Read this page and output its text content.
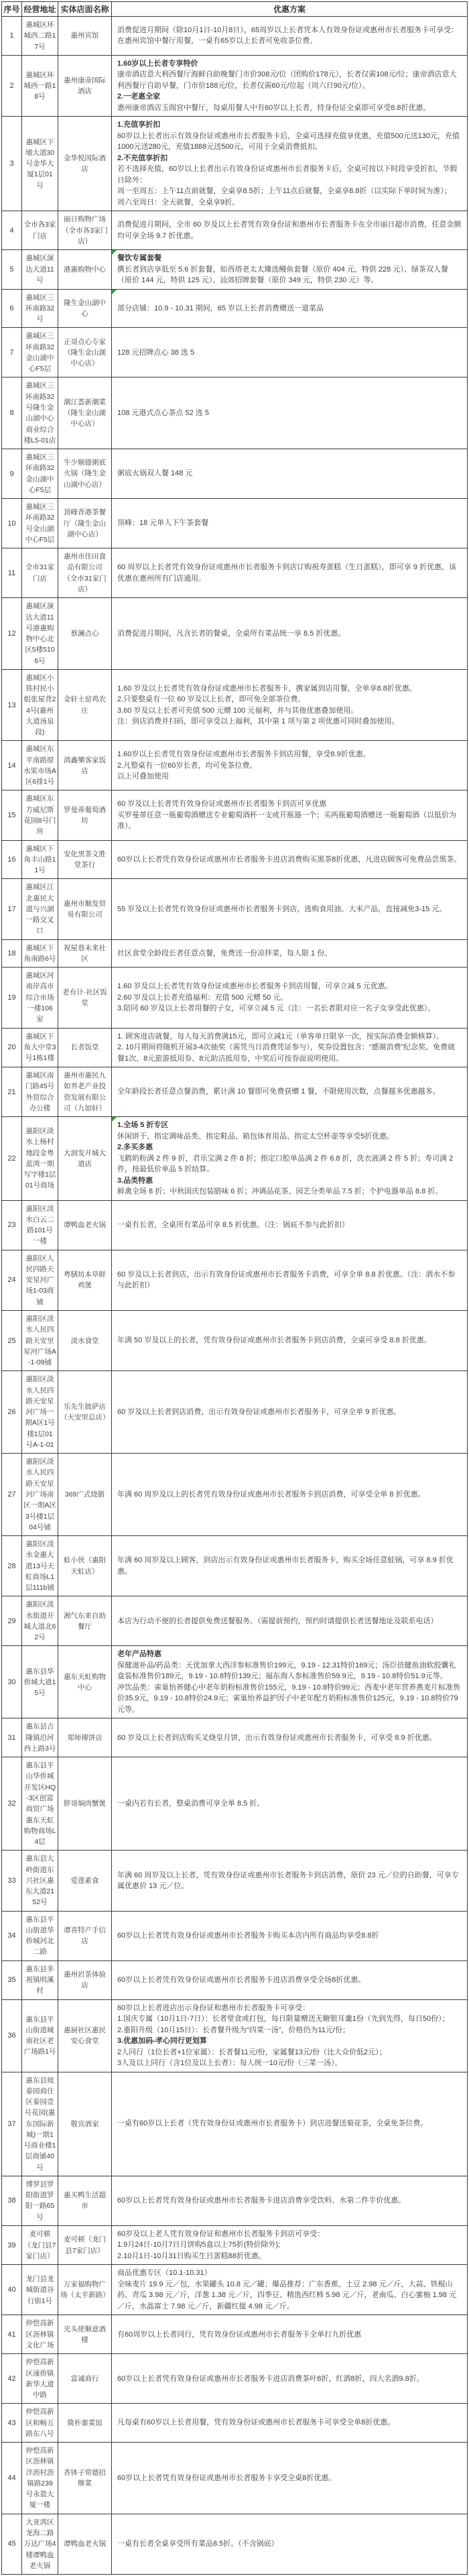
序号	经营地址	实体店面名称	优惠方案
1	惠城区环城西二路17号	惠州宾馆	消费促进月期间（除10月1日-10月8日），65周岁以上长者凭本人有效身份证或惠州市长者服务卡可享受：在惠州宾馆中餐厅用餐，一桌有65岁以上长者可免收茶位费。

2	惠城区环城西一路18号	惠州康帝国际酒店	1.60岁以上长者专享特价
康帝酒店意大利西餐厅海鲜自助晚餐门市价308元/位（团购价178元），长者仅需108元/位；康帝酒店意大利西餐厅自助早餐，门市价188元/位，长者仅需60元/位起（周六日90元/位）。
2.一老惠全家
惠州康帝酒店玉阁宫中餐厅，每桌用餐人中有60岁以上长者，持身份证全桌即可享受8.8折优惠。

3	惠城区下埔大道30号金华大厦1层01号	金华悦国际酒店	
1.充值享折扣
60岁以上长者出示有效身份证或惠州市长者服务卡后，全桌可选择充值享优惠，充值500元送130元，充值1000元送280元，充值1888元送500元，可用于全桌消费抵扣。
2.不充值享折扣
若不选择充值，60岁以上长者出示有效身份证或惠州市长者服务卡后，全桌可按以下时段享受折扣，节假日除外：
周一至周五：上午11点前就餐，全桌享8.5折；上午11点后就餐，全桌享8.8折（以实际下单时间为准）；
周六至周日：全天就餐，全桌享9折。

4	全市各3家门店	丽日购物广场（全市各3家门店）	消费促进月期间，全市 60 岁及以上长者凭有效身份证和惠州市长者服务卡在全市丽日超市消费，任意金额均可享全场 9.7 折优惠。

5	惠城区演达大道11号	港惠购物中心	餐饮专属套餐
携长者到店享低至 5.6 折套餐，如西塔老太太臻选鳗鱼套餐（原价 404 元，特供 228 元）、绿茶双人餐（原价 144 元，特供 125 元）、汕郊招牌套餐（原价 349 元，特供 230 元）等。

6	惠城区三环南路32号	隆生金山湖中心	部分店铺：10.9 - 10.31 期间，65 岁以上长者消费赠送一道菜品

7	惠城区三环南路32金山湖中心F5层	正哥点心专家（隆生金山湖中心店）	128 元招牌点心 38 选 5

8	惠城区三环南路32号隆生金山湖中心商业综合楼L5-01店	潮江荟新潮菜（隆生金山湖中心店）	108 元港式点心茶点 52 选 5

9	惠城区三环南路32金山湖中心F5层	牛少顺德粥底火锅（隆生金山湖中心店）	粥底火锅双人餐 148 元

10	惠城区三环南路32号金山湖中心F5层	顶峰香港茶餐厅（隆生金山湖中心店）	顶峰：18 元单人下午茶套餐

11	全市31家门店	惠州市佳田食品有限公司（全市31家门店）	60 周岁以上长者凭有效身份证或惠州市长者服务卡到店订购祝寿蛋糕（生日蛋糕），即可享 9 折优惠，该优惠在惠州所有门店通用。

12	惠城区演达大道11号港惠购物中心北区5楼5106号	蔡澜点心	消费促进月期间，凡含长者的餐桌，全桌所有菜品统一享 8.5 折优惠。

13	惠城区小铁村民小组张屋背24号(惠州大道汤泉段)	金轩土窑鸡农庄	1.60 岁及以上长者凭有效身份证或惠州市长者服务卡，携家属到店用餐，全单享8.8折优惠。
2.只要整桌有一位 60 岁及以上长者，即可免全部茶位费。
3.60 岁及以上长者可充值 500 元赠 100 元福利，并与其他优惠叠加使用。
注：到店消费并扫码，即可享受以上福利，其中第 1 项与第 2 项优惠可同时叠加使用。

14	惠城区东平南路原水果市场A区6排1号	鸿鑫樂客家饭店	1.60岁以上长者凭有效身份证或惠州市长者服务卡到店用餐，享受8.9折优惠。
2.凡整桌有一位60岁长者，均可免茶位费。
以上可叠加使用

15	惠城区东方威尼斯花园8号门房	罗曼蒂葡萄酒坊	60 岁及以上长者凭有效身份证或惠州市长者服务卡到店可享优惠
买罗曼蒂任意一瓶葡萄酒赠送专业葡萄酒杯一支或开瓶器一个；买两瓶葡萄酒赠送一瓶葡萄酒（以低价为准）。

16	惠城区下角丰山路11号	安化黑茶文胜堂茶行	60岁以上长者凭有效身份证或惠州市长者服务卡进店消费购买黑茶8折优惠，凡进店顾客可免费品尝黑茶。

17	惠城区江北惠民大道与兴湖一路交叉口	惠州市顺发贸易有限公司	55 岁及以上长者凭有效身份证或惠州市长者服务卡到店，选购食用油、大米产品，直接减免3-15 元。

18	惠城区下角南路6号	祝屋巷未来社区	社区食堂全龄段长者任意点餐，免费送一份凉拌菜，每人限 1 份。

19	惠城区河南岸高市综合市场一楼106室	老有计·社区饭堂	1.60 岁及以上长者凭有效身份证或惠州市长者服务卡到店用餐，可享立减 5 元优惠。
2.60 岁及以上长者充值福利：充值 500 元赠 50 元。
3.陪同 60 岁及以上长者用餐的子女，可享立减 5 元（注：一名长者限对应一名子女享受此优惠）。

20	惠城区下角大中堂3号1栋1楼	长者饭堂	1. 顾客进店就餐，每人每天消费满15元，即可立减1元（单客单日限享一次，按实际消费金额核算）。
2. 10月期间将随机开展3-4次抽奖（需凭当日消费凭证参与），奖券设置包含：“感谢消费”纪念奖、免费就餐1次、8元旅游抵用券、8元助洁抵用券，中奖后可按券面说明使用。

21	惠城区南门路45号外贸综合办公楼	惠州市惠民九如养老产业投资发展有限公司（九如轩）	全年龄段长者任意点餐消费，累计满 10 餐即可免费获赠 1 餐，不限使用次数，点餐越多优惠越多。

22	惠阳区淡水上杨村地段金粤蓝湾一期写字楼1层01号商场	大润发开城大道店	
1.全场 5 折专区
休闲饼干、指定调味品类、指定鞋品、箱包体育用品、指定太空杯壶等享受5折优惠。
2.多买多惠
飞鹤奶粉满 2 件 9 折，君乐宝满 2 件 8 折；指定口腔单品满 2 件 6.8 折，洗衣液满 2 件 5 折；寿司满 2 件，按最低价单品 5 折结算。
3.品类特惠
鲜禽全场 8 折；中秋国庆包装腊味 6 折；冲调品花茶、园艺分类单品 7.5 折；个护电器单品 8.8 折。

23	惠阳区淡水白云二路101号一楼	谭鸭血老火锅	一桌有长者，全桌所有菜品可享 8.5 折优惠。（注：锅底不参与此折扣）

24	惠阳区人民四路天安星河广场1-03商铺	粤膳坊本草鲜鸡煲	60 岁及以上长者到店，出示有效身份证或惠州市长者服务卡消费，可享全单 8.8 折优惠。（注：酒水不参与此折扣）

25	惠阳区淡水人民四路天安里星河广场A-1-09铺	淡水食堂	年满 50 岁及以上的长者，凭有效身份证或惠州市长者服务卡到店消费，全桌可享受 8.8 折优惠。

26	惠阳区淡水人民四路天安星河广场一期A区1号楼1层01号A-1-01	乐先生披萨店（天安里总店）	60 岁及以上长者到店消费，出示有效身份证或惠州市长者服务卡，可享全单 9 折优惠。

27	惠阳区淡水人民四路天安星河广场南区一期A区3号楼1层04号铺	369广式烧腊	年满 60 周岁及以上的长者凭有效身份证或惠州市长者服务卡到店消费，可享受全单 8 折优惠。

28	惠阳区淡水金惠大道13号天虹商场L1层111b铺	蛙小侠（惠阳天虹店）	年满 60 周岁及以上顾客，到店出示有效身份证或惠州市长者服务卡，购买全场任意蛙锅，可享 8.9 折优惠。

29	惠阳区淡水街道开城大道北62号	湘气东来自助餐厅	本店为行动不便的长者提供免费送餐服务。（需提前预约，预约时请提供长者送餐地址及联系电话）

30	惠东县华侨城大道15号	惠东天虹购物中心	老年产品特惠
保健滋补品/药品类：天优加拿大西洋参标准售价199元，9.19 - 12.31特价169元；汤臣倍健鱼油软胶囊礼盒装标准售价189元，9.19 - 10.8特价139元；福东海人参标准售价59.9元，9.19 - 10.8特价51.9元等。
冲饮品类：雀巢怡养健心中老年奶粉标准售价155元，9.19 - 10.8特价99元；西麦中老年营养燕麦片标准售价35.9元，9.19 - 10.8特价24.9元；雀巢怡养益护因子中老年配方奶粉标准售价125元，9.19 - 10.8特价79元等。

31	惠东县吉隆镇沿河西上路3号	郑师傅饼店	60 岁及以上长者到店购买叉烧皇月饼，出示有效身份证或惠州市长者服务卡，可享受 8.9 折优惠。

32	惠东县平山华侨城开发区HQ-3区创富商贸广场惠东天虹购物商场L4层	胖哥焖肉蟹煲	一桌内若有长者，整桌消费可享全单 8.5 折。

33	惠东县大岭街道东兴社区惠东大道2152号	爱莲素食	年满 60 周岁及以上长者，凭有效身份证或惠州市长者服务卡到店消费，原价 23 元／位的自助餐，可享专属优惠价 13 元／位。

34	惠东县平山街道华侨城河北二路	谭喜特产手信店	60岁以上长者凭有效身份证或惠州市长者服务卡购买本店内所有商品均享受8.8折

35	惠东县多祝镇明溪村	惠州岩茶体验店	60岁以上长者凭有效身份证或惠州市长者服务卡进店消费享受全场8折优惠。

36	惠东县平山街道城南社区老广场路1号	惠厨社区惠民安心食堂	
60岁以上长者进店出示身份证和惠州市长者服务卡可享受：
1.国庆专属（10月1日-7日）：长者堂食或打包，每日限量赠送无糖银耳羹1份（先到先得，每日50份）；
2.重阳升级（10月15日）：长者餐升级为“四菜一汤”，价格仍为11元/份；
3.优惠加码-孝心同行更划算
2人同行（1位长者+1位家属）：长者餐11元/份，家属餐13元/份（比大众价低2元）；
3人及以上同行（含1位及以上长者）：每人统一10元/份（三菜一汤）。

37	惠东县坡泰园商住区泰园壹号花园(惠东国际新城)一期1号商业楼1层商铺40号	敬宾酒家	一桌有60岁以上长者（凭有效身份证或惠州市长者服务卡）到店进餐送菊花茶，全桌免茶位费。

38	博罗县罗阳街道罗阳一路65号	惠买鸭生活超市	60岁以上长者凭有效身份证或惠州市长者服务卡进店消费享受饮料、水第二件半价优惠。

39	麦可顿（龙门县7家门店）	麦可顿（龙门县7家门店）	60岁及以上老人凭有效身份证和惠州市长者服务卡到店可享受：
1.9月24日-10月7日月饼购5盒以上75折(特价除外);
2.10月1日-10月31日购买生日蛋糕88折优惠。

40	龙门县龙城街道谷行街1号	万家福购物广场（太平新路）	商品优惠专区（10.1-10.31）
全味麦片 19.9 元／包，水果罐头 10.8 元／罐；爆品推荐：广东香蕉、土豆 2.98 元／斤，大蒜、铁棍山药、青瓜 3.98 元／斤，洋葱 1.38 元／斤，四季豆、精选西红柿 5.98 元／斤，老南瓜、白心蜜柚 1.98 元／斤，水晶富士 7.98 元／斤，新疆红提 4.98 元／斤。

41	仲恺高新区沥林镇文化广场	光头佬顺意酒楼	有60周岁以上长者同行，凭有效身份证或惠州市长者服务卡全单打九折优惠

42	仲恺高新区潼侨镇新华大道中路	富诚商行	60岁以上长者凭有效身份证或惠州市长者服务卡进店消费茶叶8折，红酒8折，四大名酒9.8折。

43	仲恺高新区和畅五路东八号	简朴寨菜馆	凡每桌有60岁以上长者用餐，凭有效身份证或惠州市长者服务卡可享受全单8折优惠。

44	仲恺高新区沥林镇泮沥村沥镇路239号永盈大厦一楼	香钵子常德招牌菜	60岁以上长者凭有效身份证或惠州市长者服务卡享受全桌8折优惠。

45	大亚湾区龙海二路万达广场4楼谭鸭血老火锅	谭鸭血老火锅	一桌有长者全桌享受所有菜品8.5折。（不含锅底）
